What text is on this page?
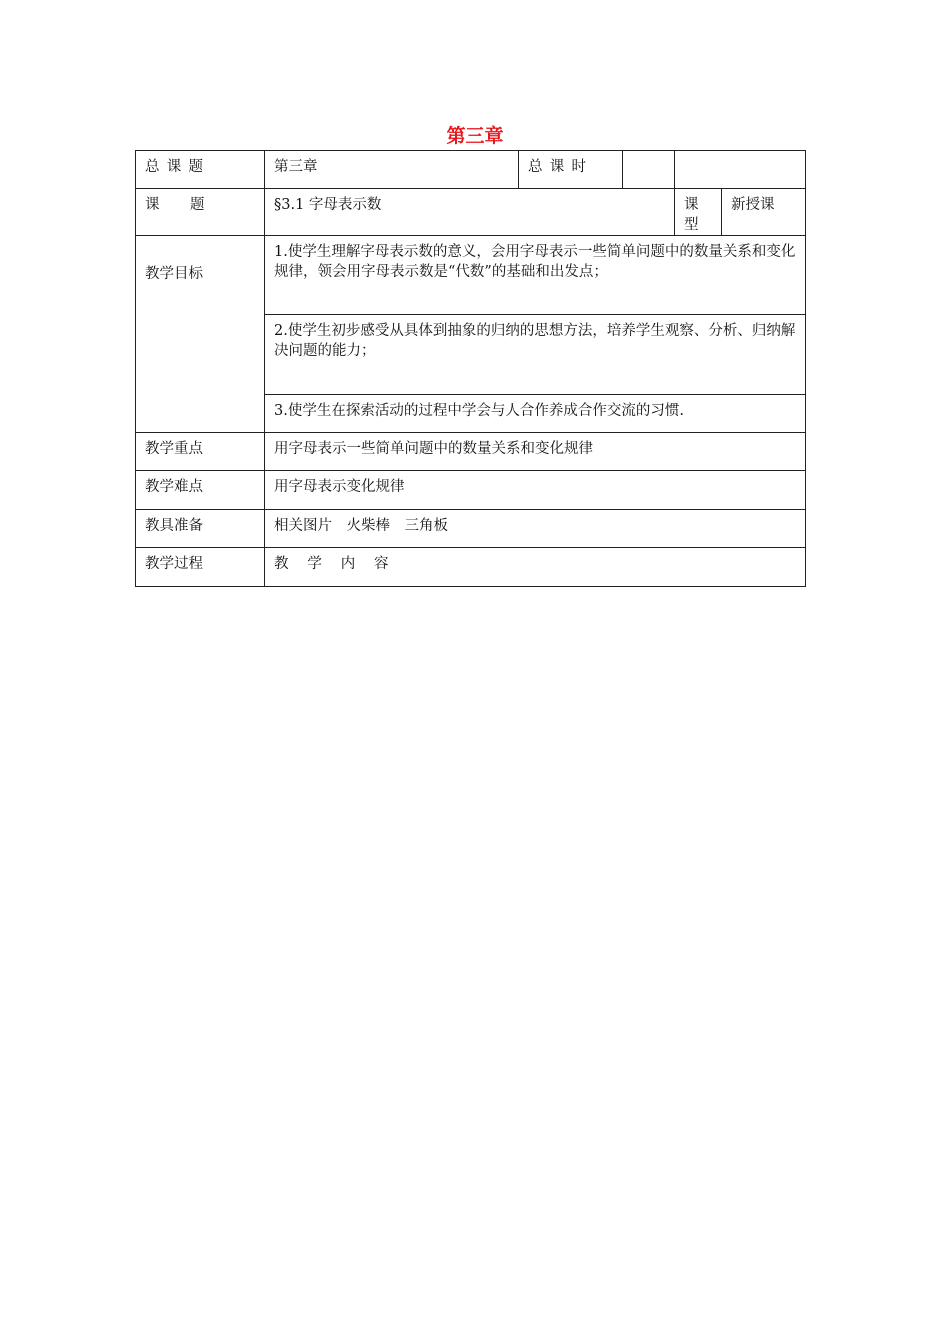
第三章
总课题	第三章	总课时			
课题	§3.1 字母表示数			课型	新授课
教学目标	1.使学生理解字母表示数的意义，会用字母表示一些简单问题中的数量关系和变化规律，领会用字母表示数是“代数”的基础和出发点；				
	2.使学生初步感受从具体到抽象的归纳的思想方法，培养学生观察、分析、归纳解决问题的能力；				
	3.使学生在探索活动的过程中学会与人合作养成合作交流的习惯.				
教学重点	用字母表示一些简单问题中的数量关系和变化规律				
教学难点	用字母表示变化规律				
教具准备	相关图片　火柴棒　三角板				
教学过程	教学内容				
